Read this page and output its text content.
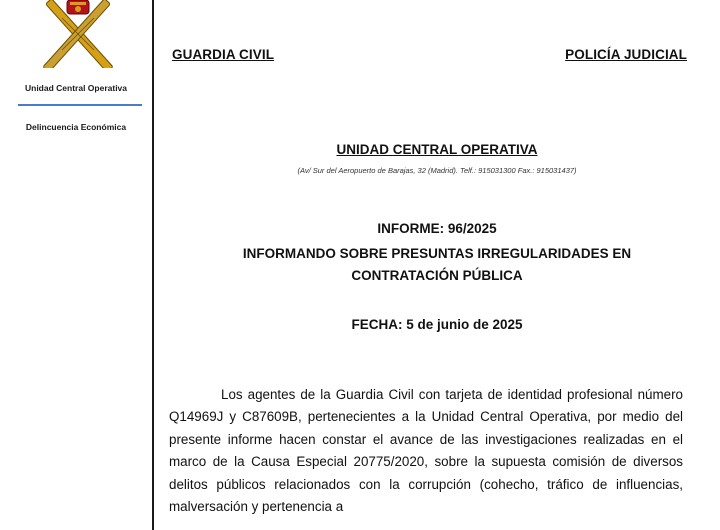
Unidad Central Operativa
Delincuencia Económica
GUARDIA CIVIL	POLICÍA JUDICIAL
UNIDAD CENTRAL OPERATIVA
(Av/ Sur del Aeropuerto de Barajas, 32 (Madrid). Telf.: 915031300 Fax.: 915031437)
INFORME: 96/2025
INFORMANDO SOBRE PRESUNTAS IRREGULARIDADES EN
CONTRATACIÓN PÚBLICA
FECHA: 5 de junio de 2025

Los agentes de la Guardia Civil con tarjeta de identidad profesional número Q14969J y C87609B, pertenecientes a la Unidad Central Operativa, por medio del presente informe hacen constar el avance de las investigaciones realizadas en el marco de la Causa Especial 20775/2020, sobre la supuesta comisión de diversos delitos públicos relacionados con la corrupción (cohecho, tráfico de influencias, malversación y pertenencia a
